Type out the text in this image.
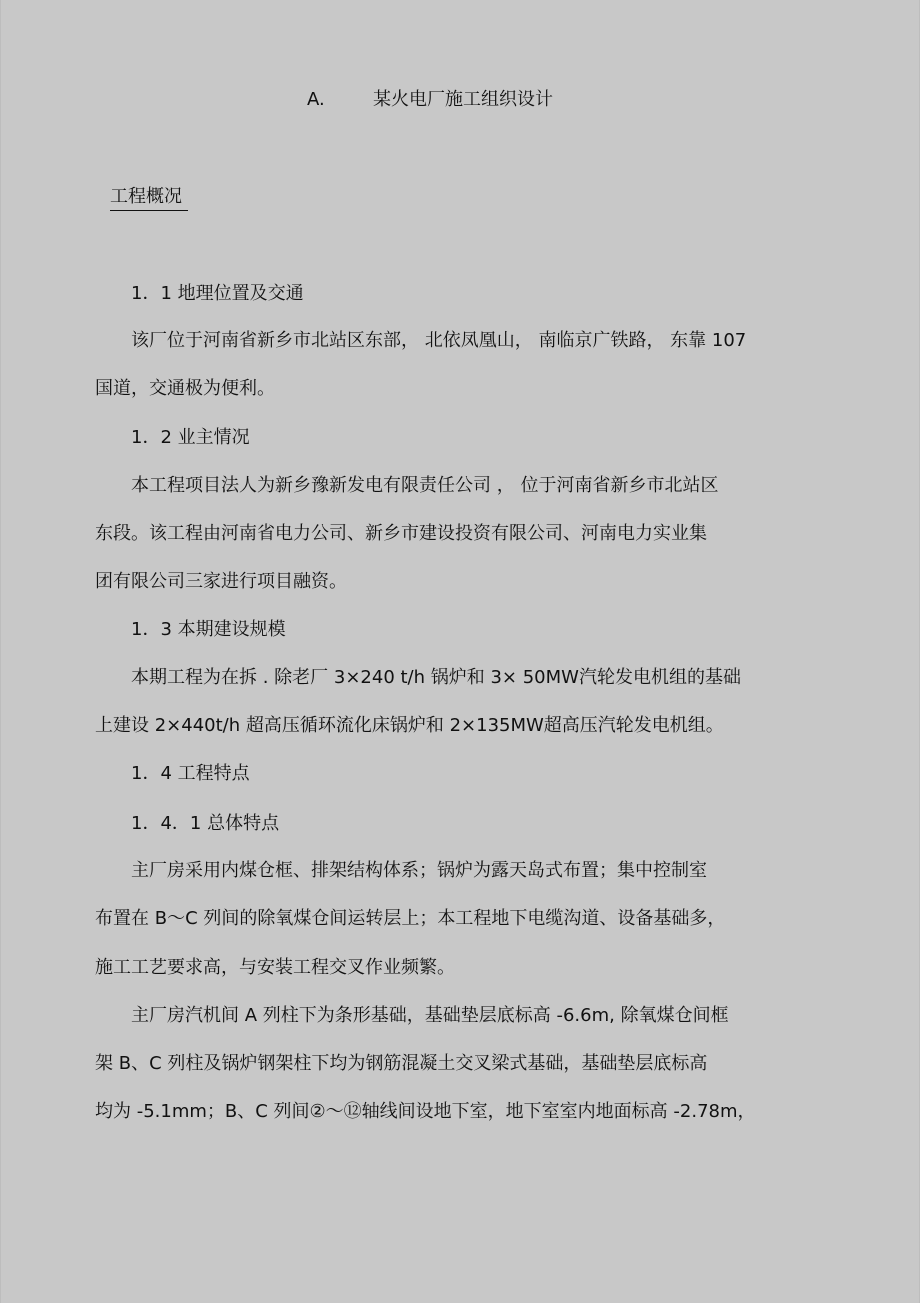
A.	某火电厂施工组织设计
工程概况
1．1 地理位置及交通
该厂位于河南省新乡市北站区东部， 北依凤凰山， 南临京广铁路， 东靠 107
国道，交通极为便利。
1．2 业主情况
本工程项目法人为新乡豫新发电有限责任公司 ， 位于河南省新乡市北站区
东段。该工程由河南省电力公司、新乡市建设投资有限公司、河南电力实业集
团有限公司三家进行项目融资。
1．3 本期建设规模
本期工程为在拆 . 除老厂 3×240 t/h 锅炉和 3× 50MW汽轮发电机组的基础
上建设 2×440t/h 超高压循环流化床锅炉和 2×135MW超高压汽轮发电机组。
1．4 工程特点
1．4．1 总体特点
主厂房采用内煤仓框、排架结构体系；锅炉为露天岛式布置；集中控制室
布置在 B～C 列间的除氧煤仓间运转层上；本工程地下电缆沟道、设备基础多，
施工工艺要求高，与安装工程交叉作业频繁。
主厂房汽机间 A 列柱下为条形基础，基础垫层底标高 -6.6m, 除氧煤仓间框
架 B、C 列柱及锅炉钢架柱下均为钢筋混凝土交叉梁式基础，基础垫层底标高
均为 -5.1mm；B、C 列间②～⑫轴线间设地下室，地下室室内地面标高 -2.78m，
